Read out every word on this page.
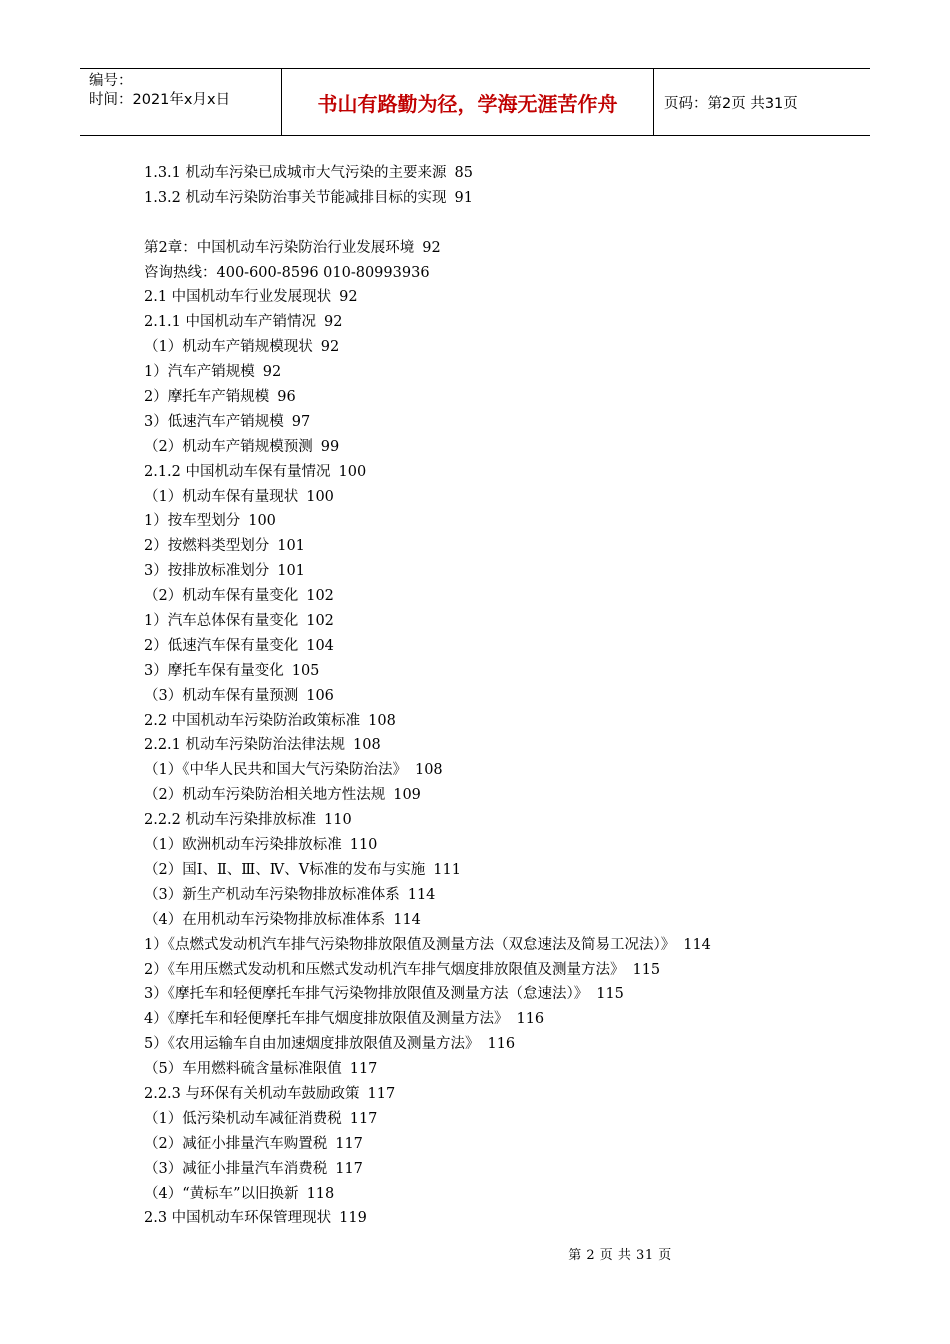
编号：
时间：2021年x月x日	书山有路勤为径，学海无涯苦作舟	页码：第2页 共31页
1.3.1 机动车污染已成城市大气污染的主要来源 85
1.3.2 机动车污染防治事关节能减排目标的实现 91
第2章：中国机动车污染防治行业发展环境 92
咨询热线：400-600-8596 010-80993936
2.1 中国机动车行业发展现状 92
2.1.1 中国机动车产销情况 92
（1）机动车产销规模现状 92
1）汽车产销规模 92
2）摩托车产销规模 96
3）低速汽车产销规模 97
（2）机动车产销规模预测 99
2.1.2 中国机动车保有量情况 100
（1）机动车保有量现状 100
1）按车型划分 100
2）按燃料类型划分 101
3）按排放标准划分 101
（2）机动车保有量变化 102
1）汽车总体保有量变化 102
2）低速汽车保有量变化 104
3）摩托车保有量变化 105
（3）机动车保有量预测 106
2.2 中国机动车污染防治政策标准 108
2.2.1 机动车污染防治法律法规 108
（1）《中华人民共和国大气污染防治法》 108
（2）机动车污染防治相关地方性法规 109
2.2.2 机动车污染排放标准 110
（1）欧洲机动车污染排放标准 110
（2）国Ⅰ、Ⅱ、Ⅲ、Ⅳ、Ⅴ标准的发布与实施 111
（3）新生产机动车污染物排放标准体系 114
（4）在用机动车污染物排放标准体系 114
1）《点燃式发动机汽车排气污染物排放限值及测量方法（双怠速法及简易工况法）》 114
2）《车用压燃式发动机和压燃式发动机汽车排气烟度排放限值及测量方法》 115
3）《摩托车和轻便摩托车排气污染物排放限值及测量方法（怠速法）》 115
4）《摩托车和轻便摩托车排气烟度排放限值及测量方法》 116
5）《农用运输车自由加速烟度排放限值及测量方法》 116
（5）车用燃料硫含量标准限值 117
2.2.3 与环保有关机动车鼓励政策 117
（1）低污染机动车减征消费税 117
（2）减征小排量汽车购置税 117
（3）减征小排量汽车消费税 117
（4）“黄标车”以旧换新 118
2.3 中国机动车环保管理现状 119
第 2 页 共 31 页
